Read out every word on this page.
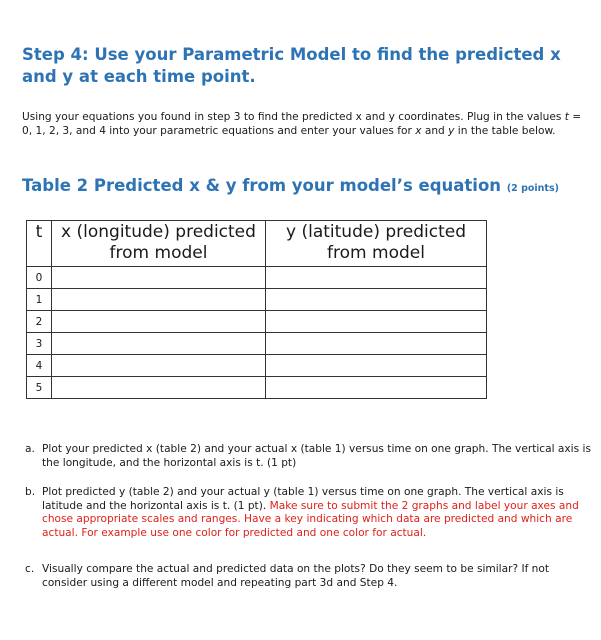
Step 4: Use your Parametric Model to find the predicted x and y at each time point.

Using your equations you found in step 3 to find the predicted x and y coordinates. Plug in the values t = 0, 1, 2, 3, and 4 into your parametric equations and enter your values for x and y in the table below.

Table 2 Predicted x & y from your model’s equation (2 points)
t	x (longitude) predicted from model	y (latitude) predicted from model
0		
1		
2		
3		
4		
5		
a. Plot your predicted x (table 2) and your actual x (table 1) versus time on one graph. The vertical axis is the longitude, and the horizontal axis is t. (1 pt)
b. Plot predicted y (table 2) and your actual y (table 1) versus time on one graph. The vertical axis is latitude and the horizontal axis is t. (1 pt). Make sure to submit the 2 graphs and label your axes and chose appropriate scales and ranges. Have a key indicating which data are predicted and which are actual. For example use one color for predicted and one color for actual.
c. Visually compare the actual and predicted data on the plots? Do they seem to be similar? If not consider using a different model and repeating part 3d and Step 4.
